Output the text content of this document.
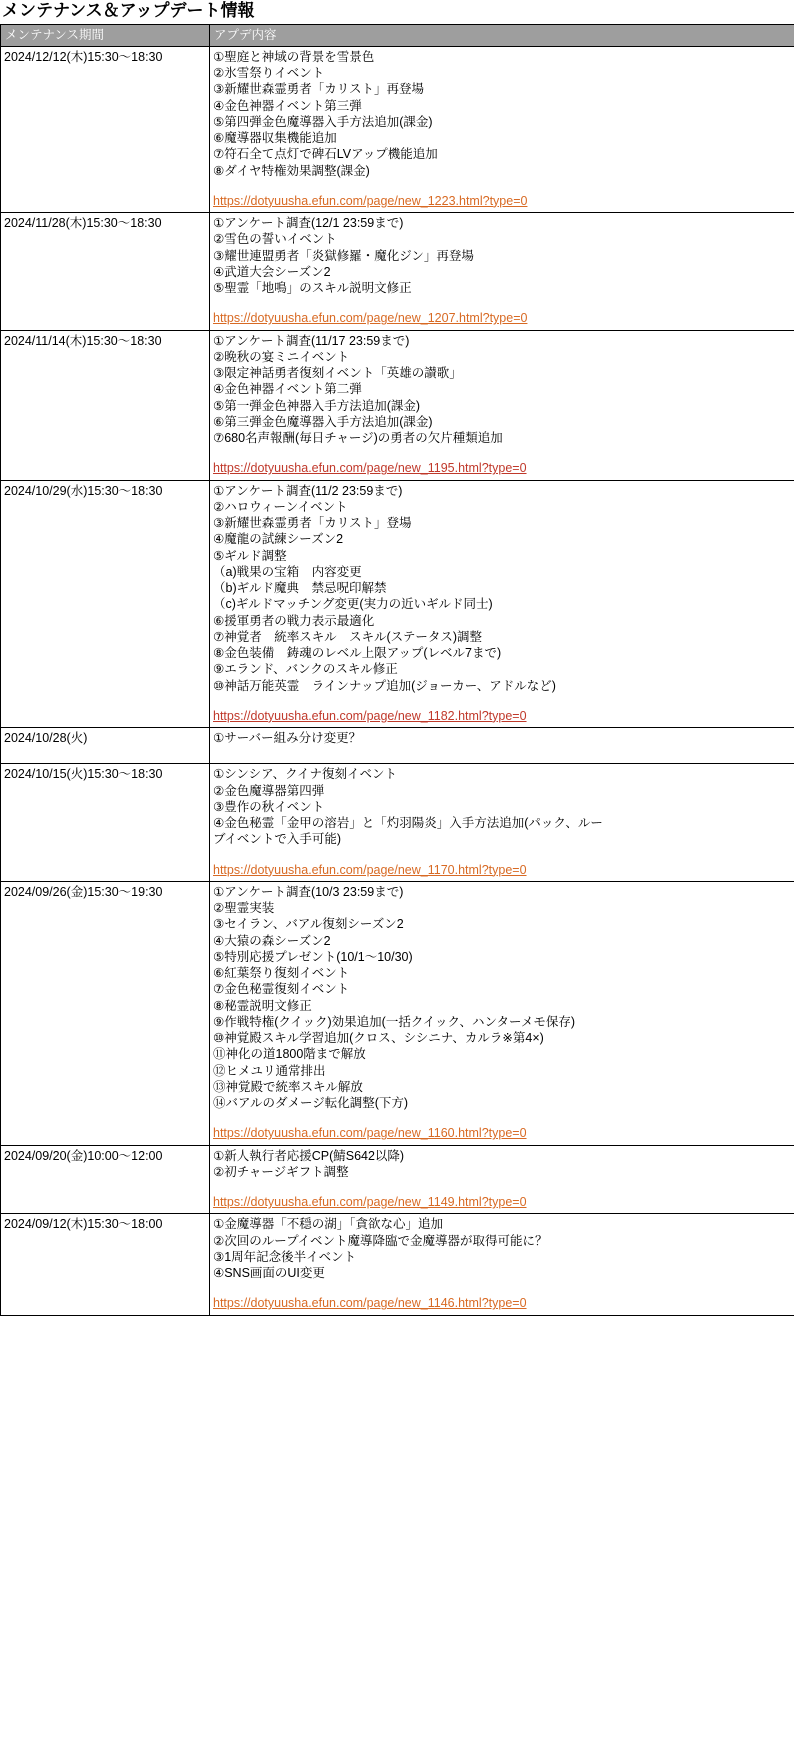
メンテナンス＆アップデート情報
メンテナンス期間	アプデ内容
2024/12/12(木)15:30〜18:30	①聖庭と神域の背景を雪景色
②氷雪祭りイベント
③新耀世森霊勇者「カリスト」再登場
④金色神器イベント第三弾
⑤第四弾金色魔導器入手方法追加(課金)
⑥魔導器収集機能追加
⑦符石全て点灯で碑石LVアップ機能追加
⑧ダイヤ特権効果調整(課金)
https://dotyuusha.efun.com/page/new_1223.html?type=0

2024/11/28(木)15:30〜18:30	①アンケート調査(12/1 23:59まで)
②雪色の誓いイベント
③耀世連盟勇者「炎獄修羅・魔化ジン」再登場
④武道大会シーズン2
⑤聖霊「地鳴」のスキル説明文修正
https://dotyuusha.efun.com/page/new_1207.html?type=0

2024/11/14(木)15:30〜18:30	①アンケート調査(11/17 23:59まで)
②晩秋の宴ミニイベント
③限定神話勇者復刻イベント「英雄の讃歌」
④金色神器イベント第二弾
⑤第一弾金色神器入手方法追加(課金)
⑥第三弾金色魔導器入手方法追加(課金)
⑦680名声報酬(毎日チャージ)の勇者の欠片種類追加
https://dotyuusha.efun.com/page/new_1195.html?type=0

2024/10/29(水)15:30〜18:30	①アンケート調査(11/2 23:59まで)
②ハロウィーンイベント
③新耀世森霊勇者「カリスト」登場
④魔龍の試練シーズン2
⑤ギルド調整
（a)戦果の宝箱　内容変更
（b)ギルド魔典　禁忌呪印解禁
（c)ギルドマッチング変更(実力の近いギルド同士)
⑥援軍勇者の戦力表示最適化
⑦神覚者　統率スキル　スキル(ステータス)調整
⑧金色装備　鋳魂のレベル上限アップ(レベル7まで)
⑨エランド、バンクのスキル修正
⑩神話万能英霊　ラインナップ追加(ジョーカー、アドルなど)
https://dotyuusha.efun.com/page/new_1182.html?type=0

2024/10/28(火)	①サーバー組み分け変更？

2024/10/15(火)15:30〜18:30	①シンシア、クイナ復刻イベント
②金色魔導器第四弾
③豊作の秋イベント
④金色秘霊「金甲の溶岩」と「灼羽陽炎」入手方法追加(パック、ルー
ブイベントで入手可能)
https://dotyuusha.efun.com/page/new_1170.html?type=0

2024/09/26(金)15:30〜19:30	①アンケート調査(10/3 23:59まで)
②聖霊実装
③セイラン、バアル復刻シーズン2
④大猿の森シーズン2
⑤特別応援プレゼント(10/1〜10/30)
⑥紅葉祭り復刻イベント
⑦金色秘霊復刻イベント
⑧秘霊説明文修正
⑨作戦特権(クイック)効果追加(一括クイック、ハンターメモ保存)
⑩神覚殿スキル学習追加(クロス、シシニナ、カルラ※第4×)
⑪神化の道1800階まで解放
⑫ヒメユリ通常排出
⑬神覚殿で統率スキル解放
⑭バアルのダメージ転化調整(下方)
https://dotyuusha.efun.com/page/new_1160.html?type=0

2024/09/20(金)10:00〜12:00	①新人執行者応援CP(鯖S642以降)
②初チャージギフト調整
https://dotyuusha.efun.com/page/new_1149.html?type=0

2024/09/12(木)15:30〜18:00	①金魔導器「不穏の湖」「貪欲な心」追加
②次回のループイベント魔導降臨で金魔導器が取得可能に？
③1周年記念後半イベント
④SNS画面のUI変更
https://dotyuusha.efun.com/page/new_1146.html?type=0
